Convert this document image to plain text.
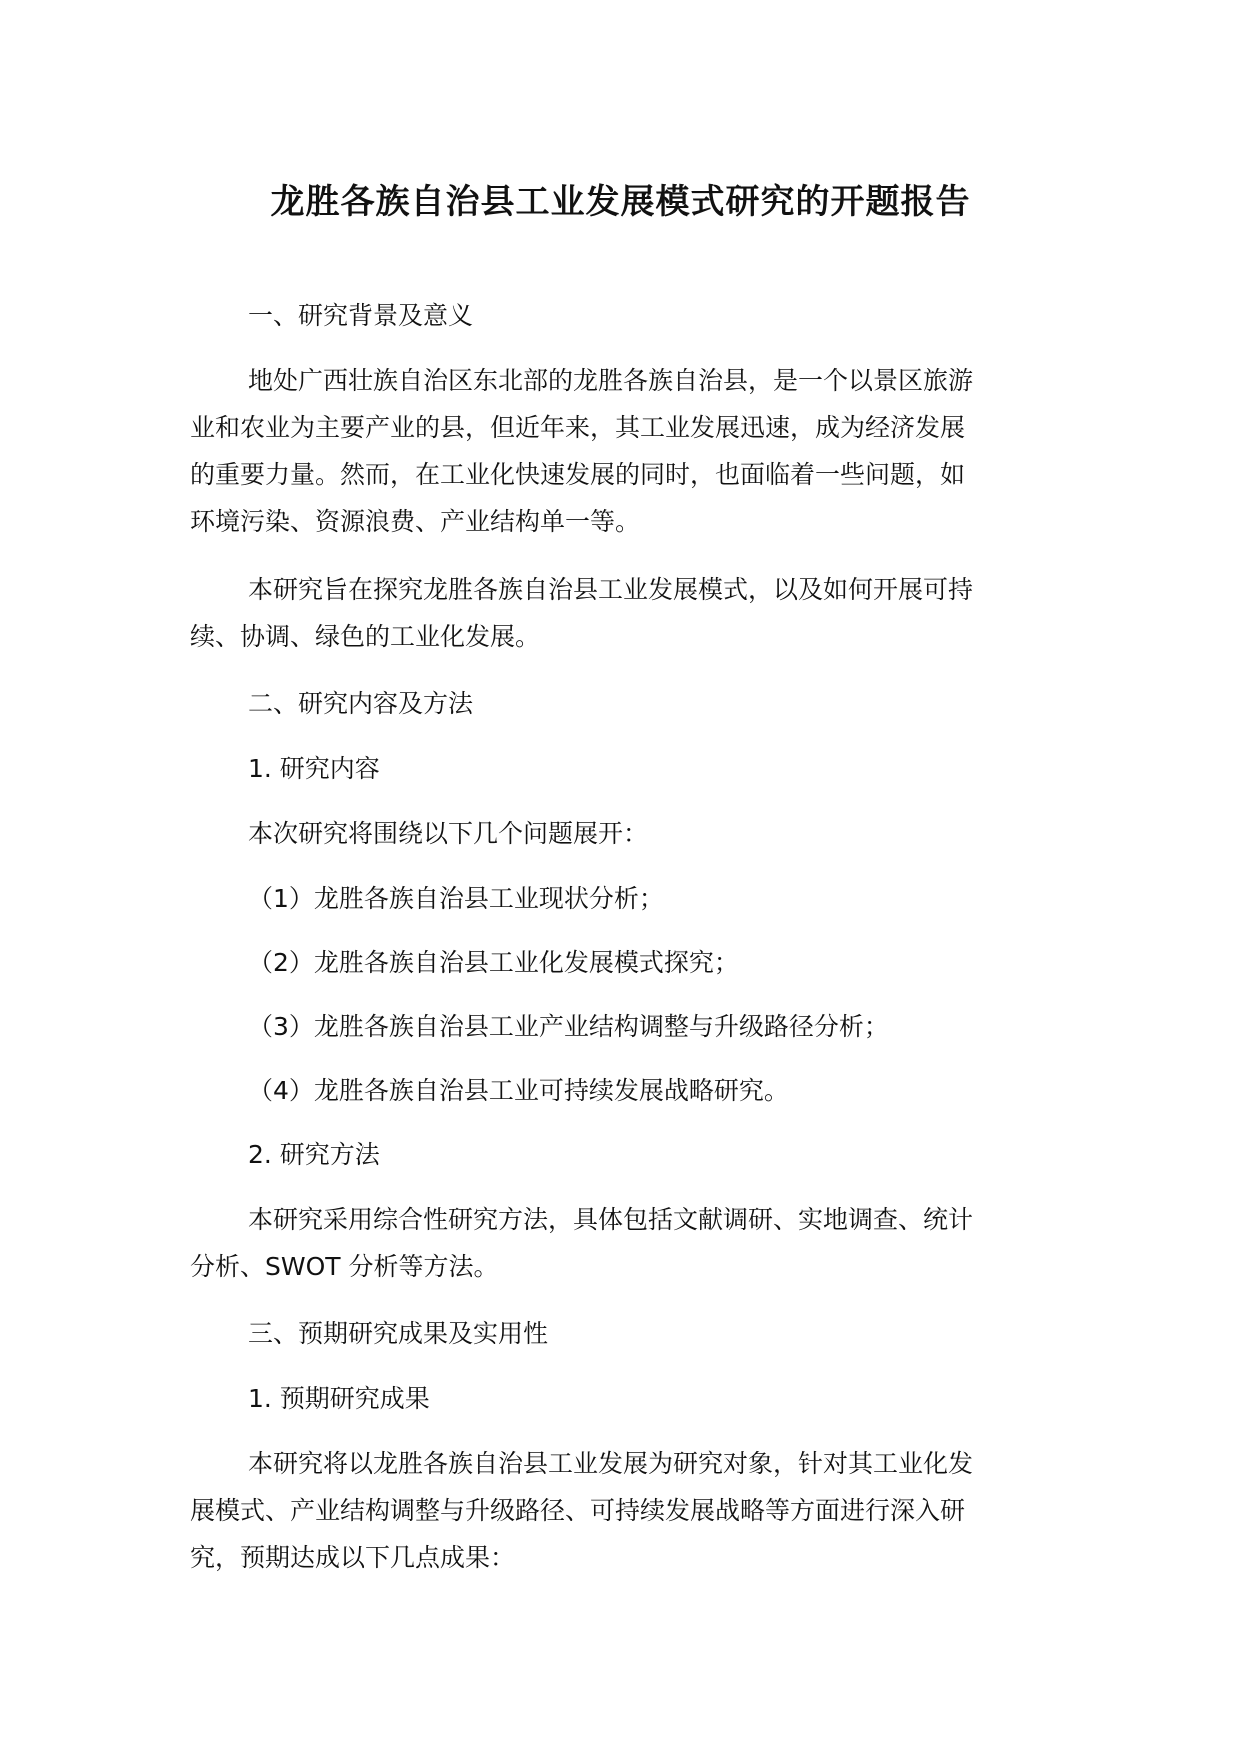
龙胜各族自治县工业发展模式研究的开题报告
一、研究背景及意义
地处广西壮族自治区东北部的龙胜各族自治县，是一个以景区旅游
业和农业为主要产业的县，但近年来，其工业发展迅速，成为经济发展
的重要力量。然而，在工业化快速发展的同时，也面临着一些问题，如
环境污染、资源浪费、产业结构单一等。
本研究旨在探究龙胜各族自治县工业发展模式，以及如何开展可持
续、协调、绿色的工业化发展。
二、研究内容及方法
1. 研究内容
本次研究将围绕以下几个问题展开：
（1）龙胜各族自治县工业现状分析；
（2）龙胜各族自治县工业化发展模式探究；
（3）龙胜各族自治县工业产业结构调整与升级路径分析；
（4）龙胜各族自治县工业可持续发展战略研究。
2. 研究方法
本研究采用综合性研究方法，具体包括文献调研、实地调查、统计
分析、SWOT 分析等方法。
三、预期研究成果及实用性
1. 预期研究成果
本研究将以龙胜各族自治县工业发展为研究对象，针对其工业化发
展模式、产业结构调整与升级路径、可持续发展战略等方面进行深入研
究，预期达成以下几点成果：
